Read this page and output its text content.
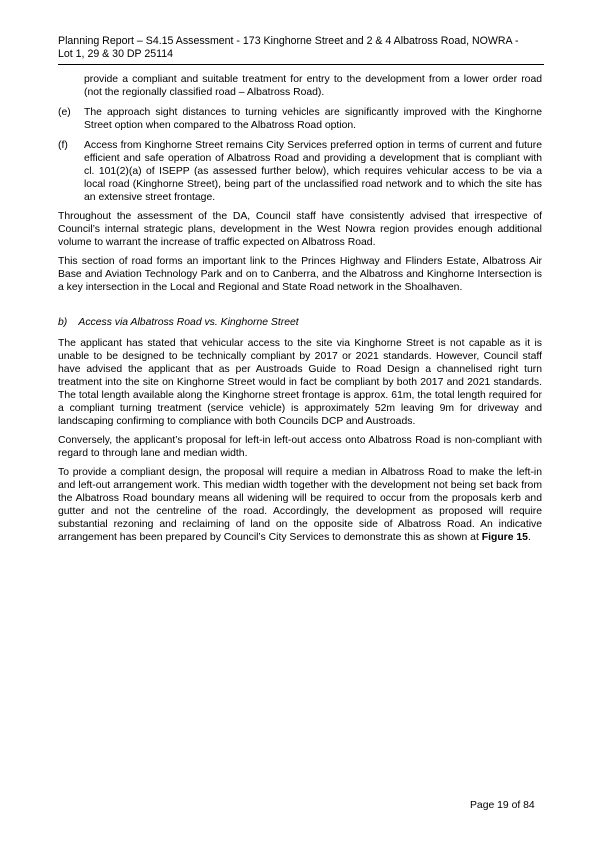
Planning Report – S4.15 Assessment - 173 Kinghorne Street and 2 & 4 Albatross Road, NOWRA -
Lot 1, 29 & 30 DP 25114

provide a compliant and suitable treatment for entry to the development from a lower order road (not the regionally classified road – Albatross Road).

(e)	The approach sight distances to turning vehicles are significantly improved with the Kinghorne Street option when compared to the Albatross Road option.
(f)	Access from Kinghorne Street remains City Services preferred option in terms of current and future efficient and safe operation of Albatross Road and providing a development that is compliant with cl. 101(2)(a) of ISEPP (as assessed further below), which requires vehicular access to be via a local road (Kinghorne Street), being part of the unclassified road network and to which the site has an extensive street frontage.

Throughout the assessment of the DA, Council staff have consistently advised that irrespective of Council’s internal strategic plans, development in the West Nowra region provides enough additional volume to warrant the increase of traffic expected on Albatross Road.

This section of road forms an important link to the Princes Highway and Flinders Estate, Albatross Air Base and Aviation Technology Park and on to Canberra, and the Albatross and Kinghorne Intersection is a key intersection in the Local and Regional and State Road network in the Shoalhaven.

b)    Access via Albatross Road vs. Kinghorne Street

The applicant has stated that vehicular access to the site via Kinghorne Street is not capable as it is unable to be designed to be technically compliant by 2017 or 2021 standards. However, Council staff have advised the applicant that as per Austroads Guide to Road Design a channelised right turn treatment into the site on Kinghorne Street would in fact be compliant by both 2017 and 2021 standards. The total length available along the Kinghorne street frontage is approx. 61m, the total length required for a compliant turning treatment (service vehicle) is approximately 52m leaving 9m for driveway and landscaping confirming to compliance with both Councils DCP and Austroads.

Conversely, the applicant’s proposal for left-in left-out access onto Albatross Road is non-compliant with regard to through lane and median width.

To provide a compliant design, the proposal will require a median in Albatross Road to make the left-in and left-out arrangement work. This median width together with the development not being set back from the Albatross Road boundary means all widening will be required to occur from the proposals kerb and gutter and not the centreline of the road. Accordingly, the development as proposed will require substantial rezoning and reclaiming of land on the opposite side of Albatross Road. An indicative arrangement has been prepared by Council’s City Services to demonstrate this as shown at Figure 15.

Page 19 of 84
